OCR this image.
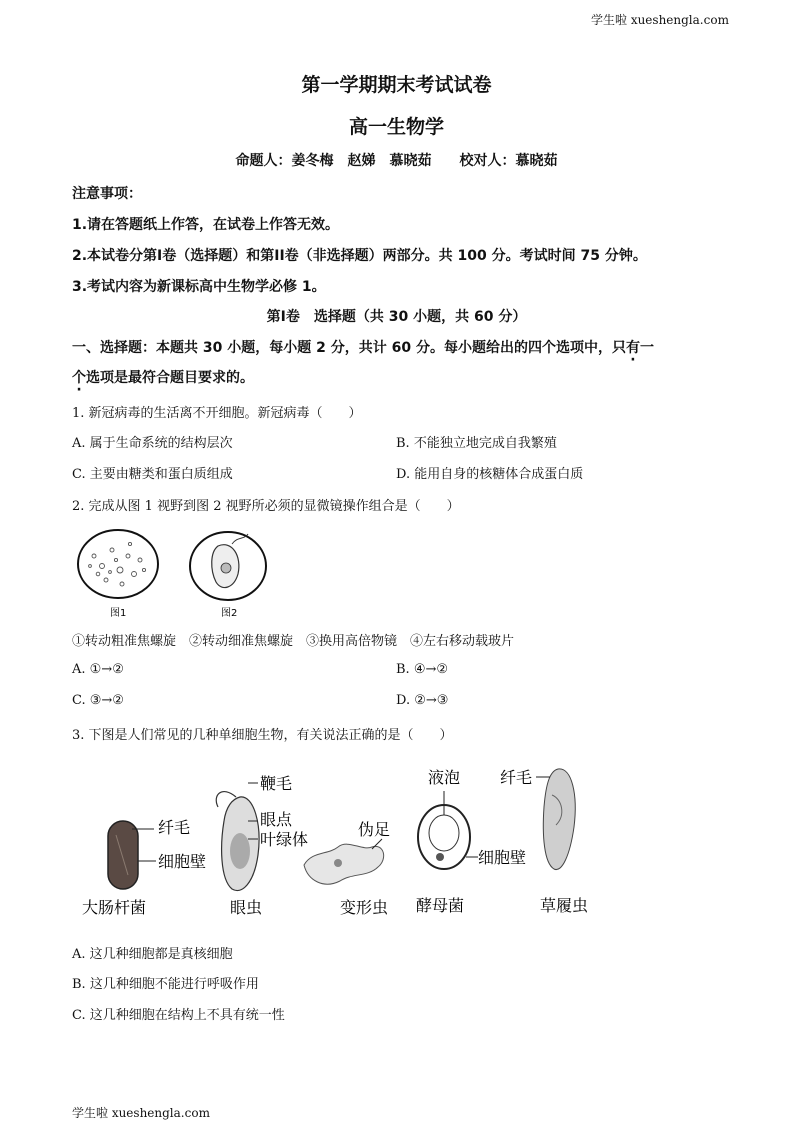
学生啦 xueshengla.com
学生啦 xueshengla.com
第一学期期末考试试卷
高一生物学
命题人：姜冬梅　赵娣　慕晓茹　　校对人：慕晓茹
注意事项：
1.请在答题纸上作答，在试卷上作答无效。
2.本试卷分第I卷（选择题）和第II卷（非选择题）两部分。共 100 分。考试时间 75 分钟。
3.考试内容为新课标高中生物学必修 1。
第I卷　选择题（共 30 小题，共 60 分）
一、选择题：本题共 30 小题，每小题 2 分，共计 60 分。每小题给出的四个选项中，只有一
个选项是最符合题目要求的。
1. 新冠病毒的生活离不开细胞。新冠病毒（　　）
A. 属于生命系统的结构层次	B. 不能独立地完成自我繁殖
C. 主要由糖类和蛋白质组成	D. 能用自身的核糖体合成蛋白质
2. 完成从图 1 视野到图 2 视野所必须的显微镜操作组合是（　　）
图1	图2
①转动粗准焦螺旋　②转动细准焦螺旋　③换用高倍物镜　④左右移动载玻片
A. ①→②	B. ④→②
C. ③→②	D. ②→③
3. 下图是人们常见的几种单细胞生物，有关说法正确的是（　　）
纤毛
细胞壁
大肠杆菌
鞭毛
眼点
叶绿体
眼虫
伪足
变形虫
液泡
细胞壁
酵母菌
纤毛
草履虫
A. 这几种细胞都是真核细胞
B. 这几种细胞不能进行呼吸作用
C. 这几种细胞在结构上不具有统一性
